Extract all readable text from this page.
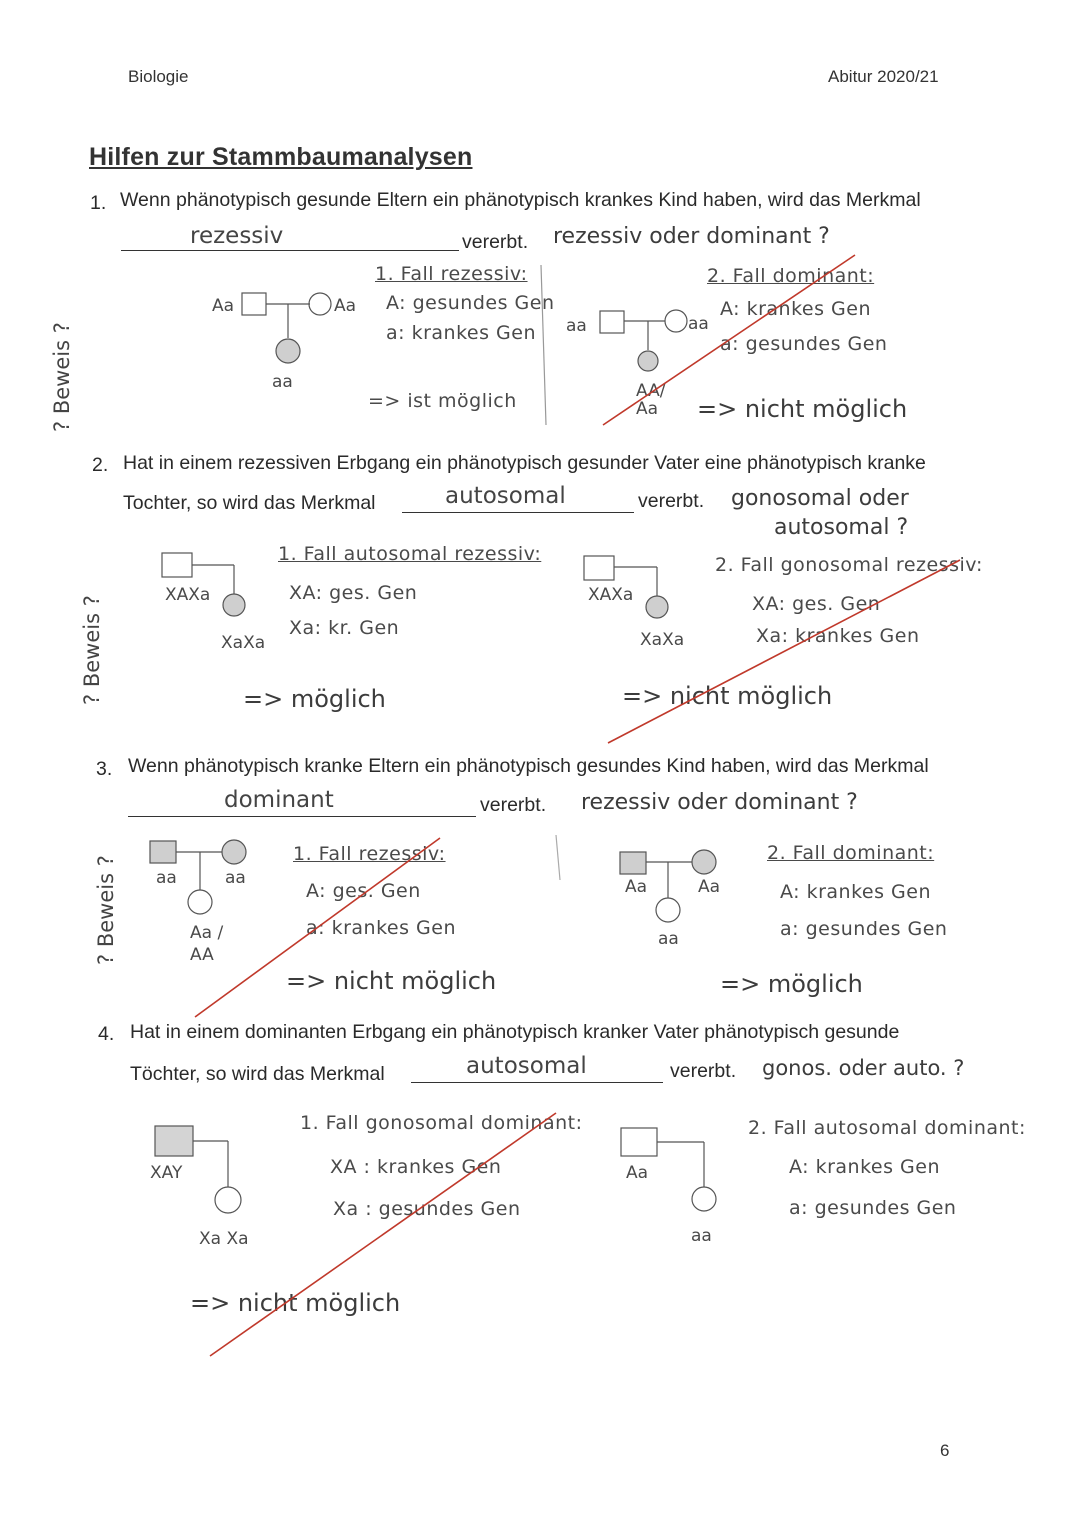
Biologie	Abitur 2020/21
Hilfen zur Stammbaumanalysen
? Beweis ?
? Beweis ?
? Beweis ?
1. Wenn phänotypisch gesunde Eltern ein phänotypisch krankes Kind haben, wird das Merkmal
rezessiv	vererbt. rezessiv oder dominant ?
Aa	Aa
aa
1. Fall rezessiv:
A: gesundes Gen
a: krankes Gen
=> ist möglich
aa	aa
AA/ Aa
2. Fall dominant:
A: krankes Gen
a: gesundes Gen
=> nicht möglich
2. Hat in einem rezessiven Erbgang ein phänotypisch gesunder Vater eine phänotypisch kranke
Tochter, so wird das Merkmal	autosomal	vererbt. gonosomal oder
autosomal ?
XAXa
XaXa
1. Fall autosomal rezessiv:
XA: ges. Gen
Xa: kr. Gen
=> möglich
XAXa
XaXa
2. Fall gonosomal rezessiv:
XA: ges. Gen
Xa: krankes Gen
=> nicht möglich
3. Wenn phänotypisch kranke Eltern ein phänotypisch gesundes Kind haben, wird das Merkmal
dominant	vererbt. rezessiv oder dominant ?
aa	aa
Aa / AA
1. Fall rezessiv:
A: ges. Gen
a: krankes Gen
=> nicht möglich
Aa	Aa
aa
2. Fall dominant:
A: krankes Gen
a: gesundes Gen
=> möglich
4. Hat in einem dominanten Erbgang ein phänotypisch kranker Vater phänotypisch gesunde
Töchter, so wird das Merkmal	autosomal	vererbt. gonos. oder auto. ?
XAY
Xa Xa
1. Fall gonosomal dominant:
XA : krankes Gen
Xa : gesundes Gen
=> nicht möglich
Aa
aa
2. Fall autosomal dominant:
A: krankes Gen
a: gesundes Gen
6
